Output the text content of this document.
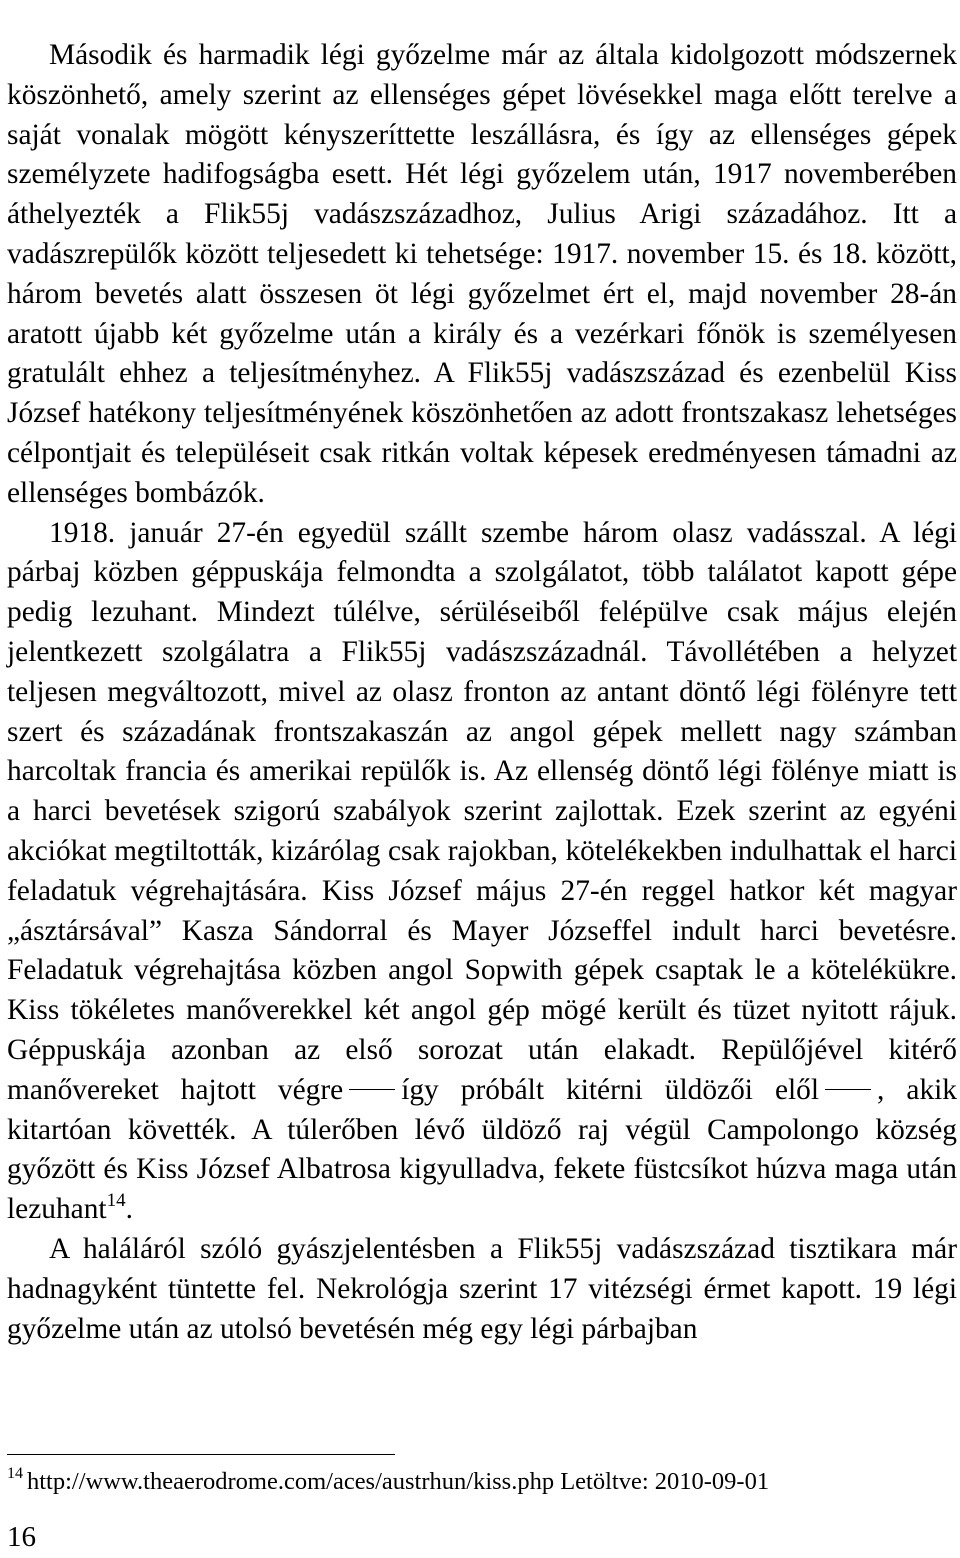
Második és harmadik légi győzelme már az általa kidolgozott módszernek köszönhető, amely szerint az ellenséges gépet lövésekkel maga előtt terelve a saját vonalak mögött kényszeríttette leszállásra, és így az ellenséges gépek személyzete hadifogságba esett. Hét légi győzelem után, 1917 novemberében áthelyezték a Flik55j vadászszázadhoz, Julius Arigi századához. Itt a vadászrepülők között teljesedett ki tehetsége: 1917. november 15. és 18. között, három bevetés alatt összesen öt légi győzelmet ért el, majd november 28-án aratott újabb két győzelme után a király és a vezérkari főnök is személyesen gratulált ehhez a teljesítményhez. A Flik55j vadászszázad és ezenbelül Kiss József hatékony teljesítményének köszönhetően az adott frontszakasz lehetséges célpontjait és településeit csak ritkán voltak képesek eredményesen támadni az ellenséges bombázók.

1918. január 27-én egyedül szállt szembe három olasz vadásszal. A légi párbaj közben géppuskája felmondta a szolgálatot, több találatot kapott gépe pedig lezuhant. Mindezt túlélve, sérüléseiből felépülve csak május elején jelentkezett szolgálatra a Flik55j vadászszázadnál. Távollétében a helyzet teljesen megváltozott, mivel az olasz fronton az antant döntő légi fölényre tett szert és századának frontszakaszán az angol gépek mellett nagy számban harcoltak francia és amerikai repülők is. Az ellenség döntő légi fölénye miatt is a harci bevetések szigorú szabályok szerint zajlottak. Ezek szerint az egyéni akciókat megtiltották, kizárólag csak rajokban, kötelékekben indulhattak el harci feladatuk végrehajtására. Kiss József május 27-én reggel hatkor két magyar „ásztársával” Kasza Sándorral és Mayer Józseffel indult harci bevetésre. Feladatuk végrehajtása közben angol Sopwith gépek csaptak le a kötelékükre. Kiss tökéletes manőverekkel két angol gép mögé került és tüzet nyitott rájuk. Géppuskája azonban az első sorozat után elakadt. Repülőjével kitérő manővereket hajtott végre így próbált kitérni üldözői elől , akik kitartóan követték. A túlerőben lévő üldöző raj végül Campolongo község győzött és Kiss József Albatrosa kigyulladva, fekete füstcsíkot húzva maga után lezuhant$^{14}$.

A haláláról szóló gyászjelentésben a Flik55j vadászszázad tisztikara már hadnagyként tüntette fel. Nekrológja szerint 17 vitézségi érmet kapott. 19 légi győzelme után az utolsó bevetésén még egy légi párbajban

$^{14}$ http://www.theaerodrome.com/aces/austrhun/kiss.php Letöltve: 2010-09-01
16
